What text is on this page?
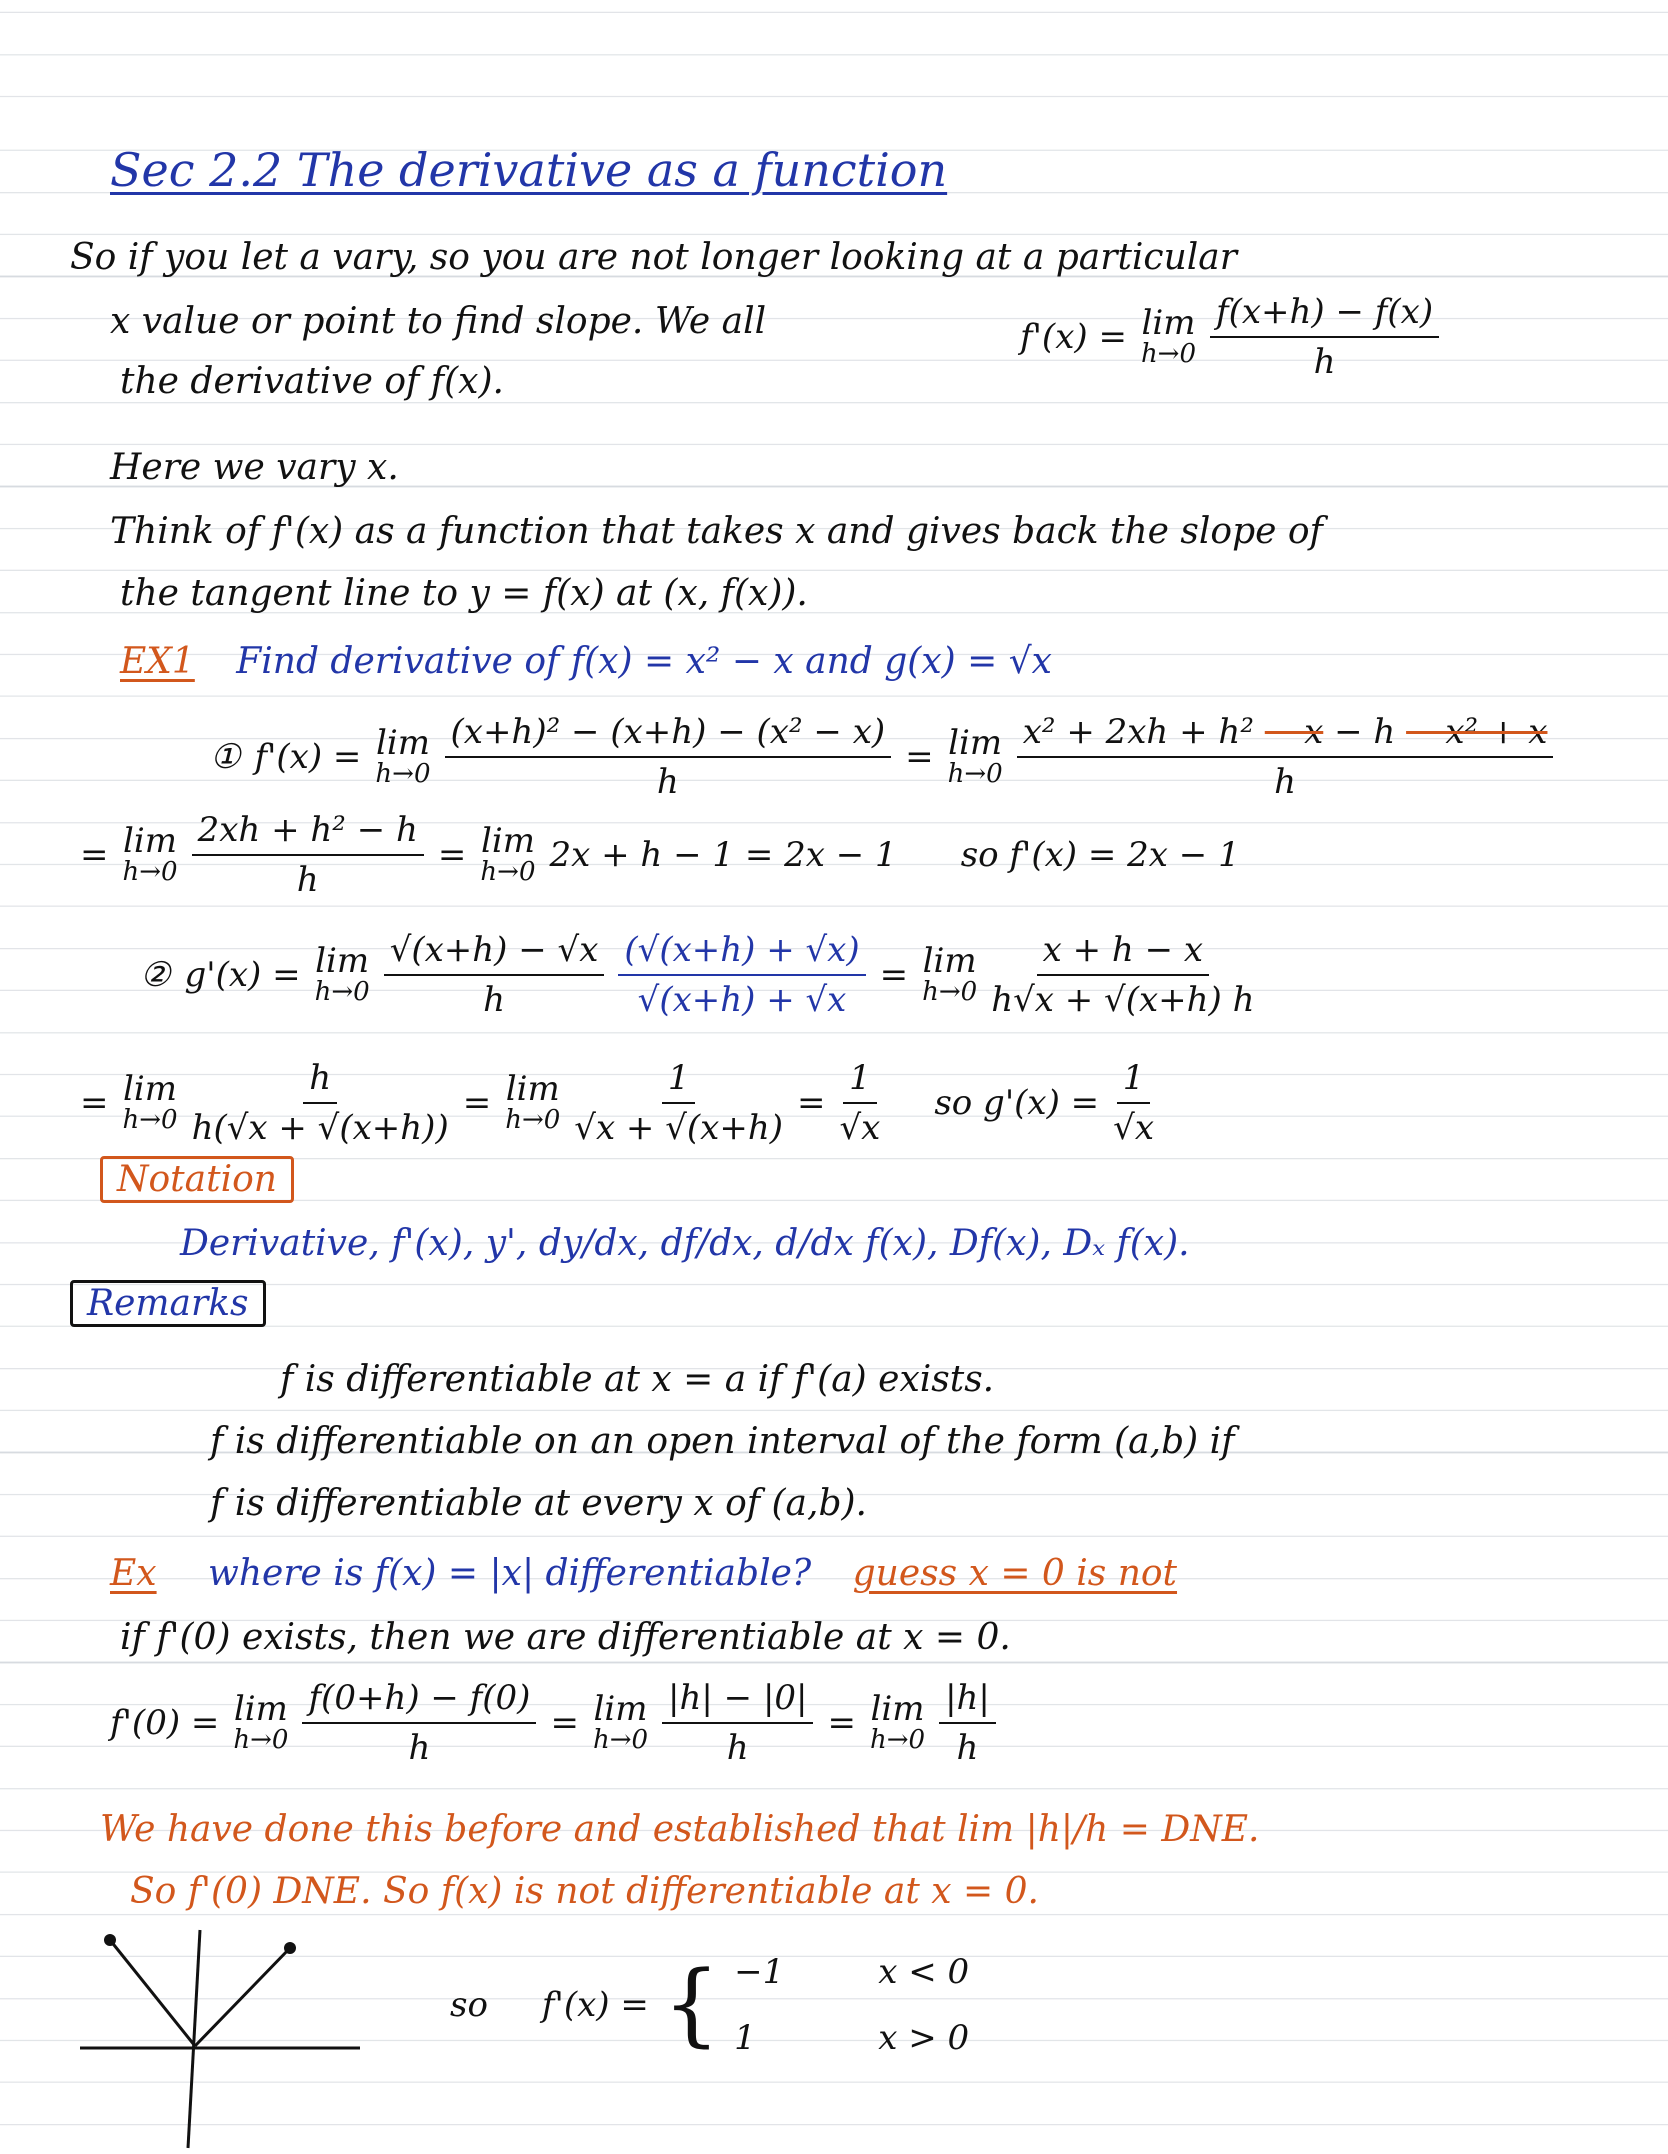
Sec 2.2 The derivative as a function
So if you let a vary, so you are not longer looking at a particular
x value or point to find slope. We all
the derivative of f(x).
f'(x) = lim
$h\to 0 \frac{f(x+h) - f(x)}{h}$
Here we vary x.
Think of f'(x) as a function that takes x and gives back the slope of
the tangent line to y = f(x) at (x, f(x)).
EX1 Find derivative of f(x) = x² − x and g(x) = √x
① f'(x) = lim
$h\to 0 \frac{\text{(x+h)² − (x+h) − (x² − x)}}{h} = \lim$
$h\to 0 \frac{\text{x² + 2xh + h² − x − h − x² + x}}{h}$
= lim
$h\to 0 \frac{\text{2xh + h² − h}}{h} = \lim$
h→0 2x + h − 1 = 2x − 1 so f'(x) = 2x − 1
② g'(x) = lim
$h\to 0 \frac{√(x+h) - √x}{h} \frac{(√(x+h) + √x)}{√(x+h) + √x} = \lim$
$h\to 0 \frac{x + h - x}{h√x + √(x+h) h}$
= lim
$h\to 0 \frac{h}{h(√x + √(x+h))} = \lim$
$h\to 0 \frac{1}{√x + √(x+h)} = \frac{1}{√x}$ so $g'(x) = \frac{1}{√x}$
Notation
Derivative, f'(x), y', dy/dx, df/dx, d/dx f(x), Df(x), Dₓ f(x).
Remarks
f is differentiable at x = a if f'(a) exists.
f is differentiable on an open interval of the form (a,b) if
f is differentiable at every x of (a,b).
Ex where is f(x) = |x| differentiable? guess x = 0 is not
if f'(0) exists, then we are differentiable at x = 0.
f'(0) = lim
$h\to 0 \frac{f(0+h) - f(0)}{h} = \lim$
$h\to 0 \frac{|h| - |0|}{h} = \lim$
$h\to 0 \frac{|h|}{h}$
We have done this before and established that lim |h|/h = DNE.
So f'(0) DNE. So f(x) is not differentiable at x = 0.
so f'(x) = { −1
1
x < 0
x > 0
